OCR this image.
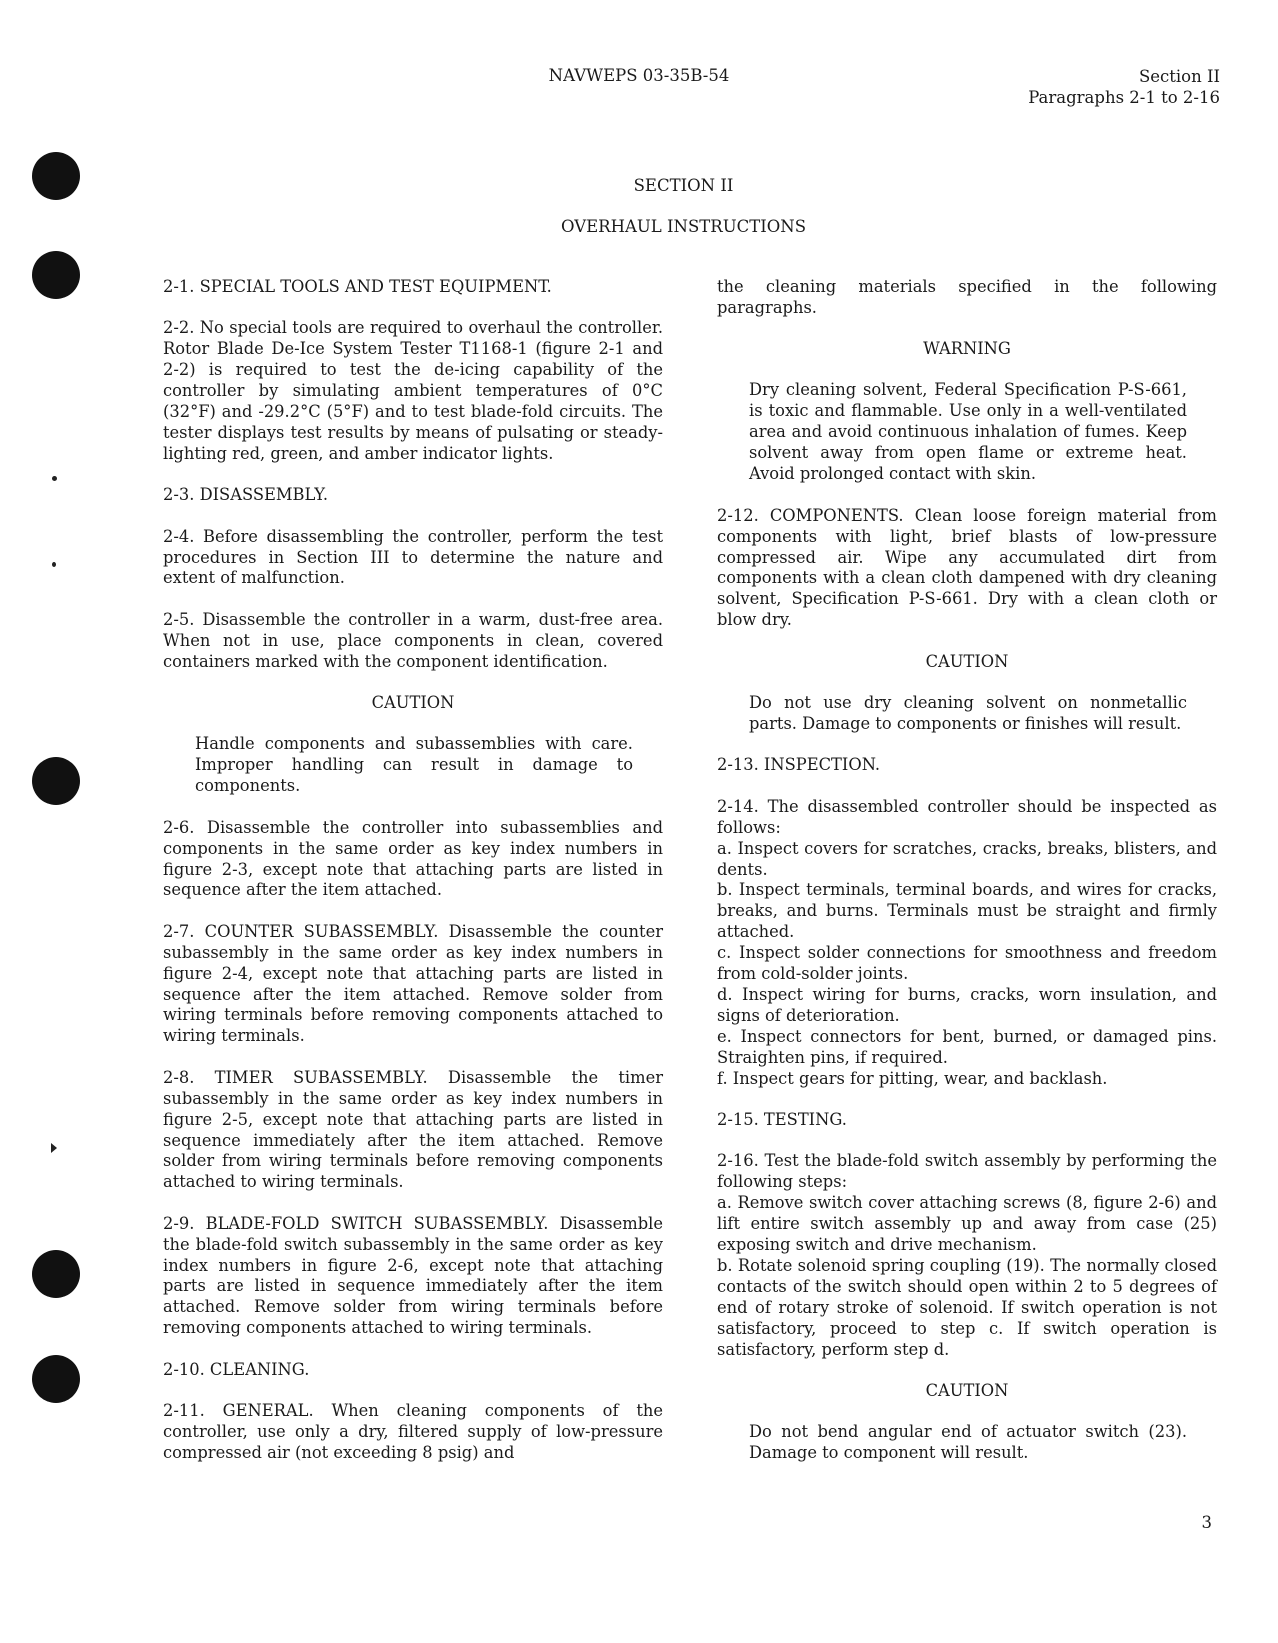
NAVWEPS 03-35B-54	Section II
Paragraphs 2-1 to 2-16
SECTION II
OVERHAUL INSTRUCTIONS

2-1. SPECIAL TOOLS AND TEST EQUIPMENT.

2-2. No special tools are required to overhaul the controller. Rotor Blade De-Ice System Tester T1168-1 (figure 2-1 and 2-2) is required to test the de-icing capability of the controller by simulating ambient temperatures of 0°C (32°F) and -29.2°C (5°F) and to test blade-fold circuits. The tester displays test results by means of pulsating or steady-lighting red, green, and amber indicator lights.

2-3. DISASSEMBLY.

2-4. Before disassembling the controller, perform the test procedures in Section III to determine the nature and extent of malfunction.

2-5. Disassemble the controller in a warm, dust-free area. When not in use, place components in clean, covered containers marked with the component identification.

CAUTION
Handle components and subassemblies with care. Improper handling can result in damage to components.

2-6. Disassemble the controller into subassemblies and components in the same order as key index numbers in figure 2-3, except note that attaching parts are listed in sequence after the item attached.

2-7. COUNTER SUBASSEMBLY. Disassemble the counter subassembly in the same order as key index numbers in figure 2-4, except note that attaching parts are listed in sequence after the item attached. Remove solder from wiring terminals before removing components attached to wiring terminals.

2-8. TIMER SUBASSEMBLY. Disassemble the timer subassembly in the same order as key index numbers in figure 2-5, except note that attaching parts are listed in sequence immediately after the item attached. Remove solder from wiring terminals before removing components attached to wiring terminals.

2-9. BLADE-FOLD SWITCH SUBASSEMBLY. Disassemble the blade-fold switch subassembly in the same order as key index numbers in figure 2-6, except note that attaching parts are listed in sequence immediately after the item attached. Remove solder from wiring terminals before removing components attached to wiring terminals.

2-10. CLEANING.

2-11. GENERAL. When cleaning components of the controller, use only a dry, filtered supply of low-pressure compressed air (not exceeding 8 psig) and

the cleaning materials specified in the following paragraphs.

WARNING
Dry cleaning solvent, Federal Specification P-S-661, is toxic and flammable. Use only in a well-ventilated area and avoid continuous inhalation of fumes. Keep solvent away from open flame or extreme heat. Avoid prolonged contact with skin.

2-12. COMPONENTS. Clean loose foreign material from components with light, brief blasts of low-pressure compressed air. Wipe any accumulated dirt from components with a clean cloth dampened with dry cleaning solvent, Specification P-S-661. Dry with a clean cloth or blow dry.

CAUTION
Do not use dry cleaning solvent on nonmetallic parts. Damage to components or finishes will result.

2-13. INSPECTION.

2-14. The disassembled controller should be inspected as follows:
a. Inspect covers for scratches, cracks, breaks, blisters, and dents.
b. Inspect terminals, terminal boards, and wires for cracks, breaks, and burns. Terminals must be straight and firmly attached.
c. Inspect solder connections for smoothness and freedom from cold-solder joints.
d. Inspect wiring for burns, cracks, worn insulation, and signs of deterioration.
e. Inspect connectors for bent, burned, or damaged pins. Straighten pins, if required.
f. Inspect gears for pitting, wear, and backlash.

2-15. TESTING.

2-16. Test the blade-fold switch assembly by performing the following steps:
a. Remove switch cover attaching screws (8, figure 2-6) and lift entire switch assembly up and away from case (25) exposing switch and drive mechanism.
b. Rotate solenoid spring coupling (19). The normally closed contacts of the switch should open within 2 to 5 degrees of end of rotary stroke of solenoid. If switch operation is not satisfactory, proceed to step c. If switch operation is satisfactory, perform step d.
CAUTION
Do not bend angular end of actuator switch (23). Damage to component will result.
3
